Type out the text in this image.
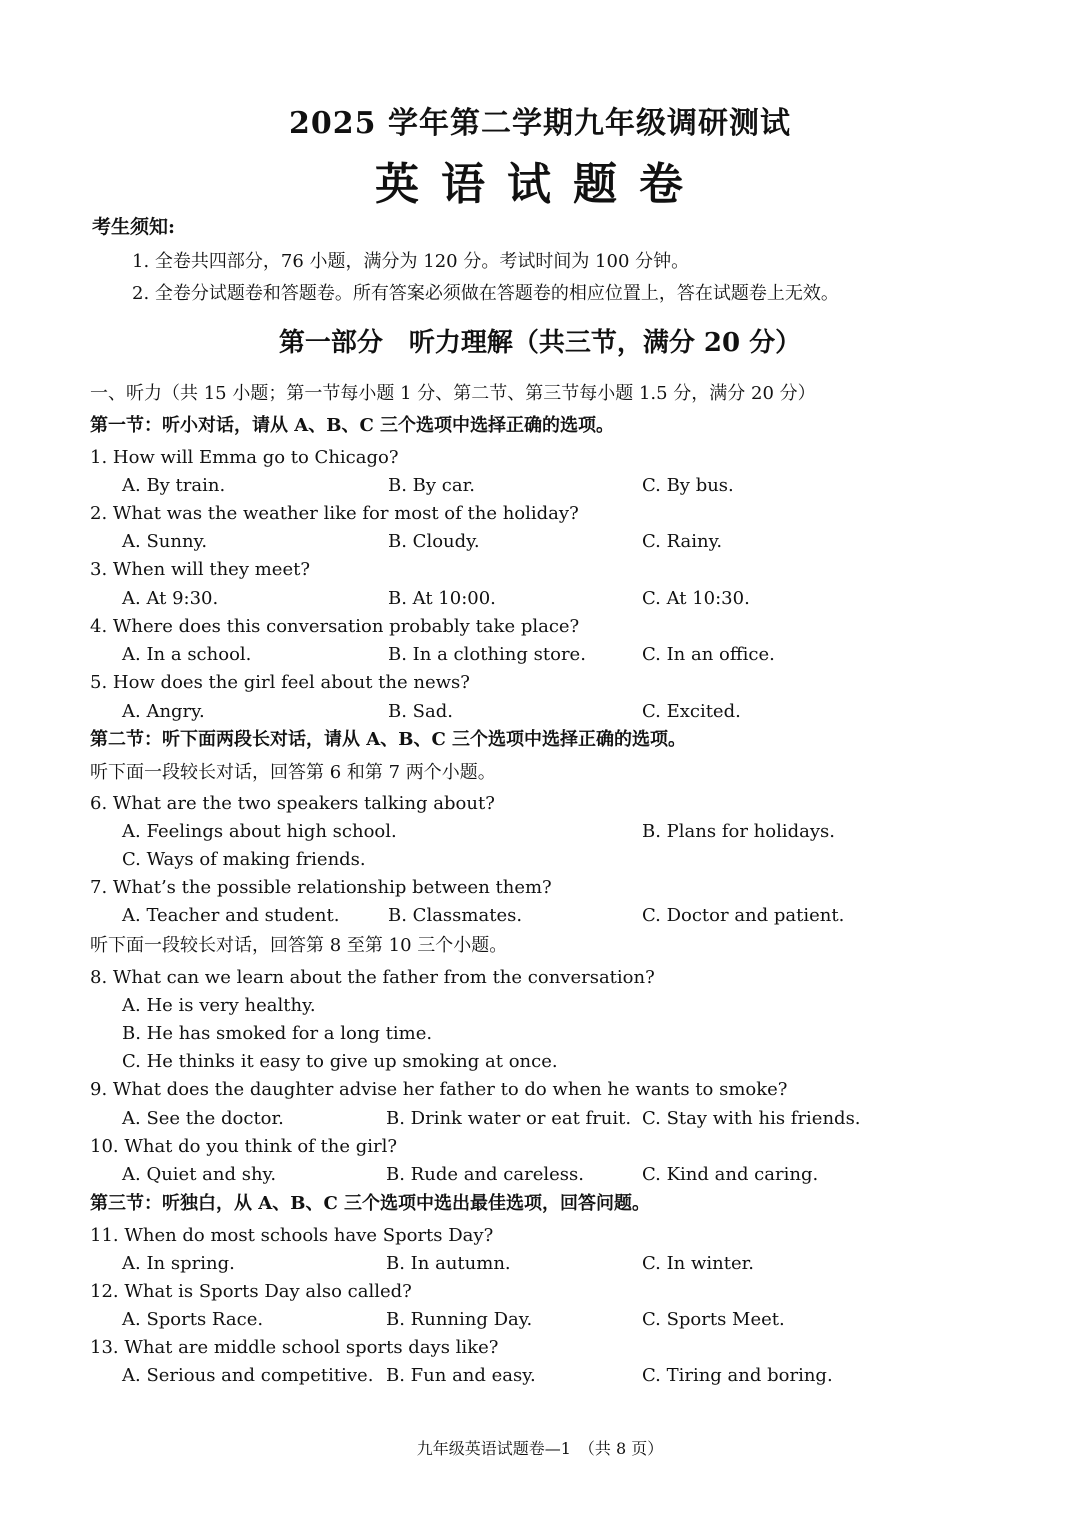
2025 学年第二学期九年级调研测试
英语试题卷
考生须知:
1. 全卷共四部分，76 小题，满分为 120 分。考试时间为 100 分钟。
2. 全卷分试题卷和答题卷。所有答案必须做在答题卷的相应位置上，答在试题卷上无效。
第一部分　听力理解（共三节，满分 20 分）
一、听力（共 15 小题；第一节每小题 1 分、第二节、第三节每小题 1.5 分，满分 20 分）
第一节：听小对话，请从 A、B、C 三个选项中选择正确的选项。
1. How will Emma go to Chicago?
A. By train.	B. By car.	C. By bus.
2. What was the weather like for most of the holiday?
A. Sunny.	B. Cloudy.	C. Rainy.
3. When will they meet?
A. At 9:30.	B. At 10:00.	C. At 10:30.
4. Where does this conversation probably take place?
A. In a school.	B. In a clothing store.	C. In an office.
5. How does the girl feel about the news?
A. Angry.	B. Sad.	C. Excited.
第二节：听下面两段长对话，请从 A、B、C 三个选项中选择正确的选项。
听下面一段较长对话，回答第 6 和第 7 两个小题。
6. What are the two speakers talking about?
A. Feelings about high school.	B. Plans for holidays.
C. Ways of making friends.
7. What’s the possible relationship between them?
A. Teacher and student.	B. Classmates.	C. Doctor and patient.
听下面一段较长对话，回答第 8 至第 10 三个小题。
8. What can we learn about the father from the conversation?
A. He is very healthy.
B. He has smoked for a long time.
C. He thinks it easy to give up smoking at once.
9. What does the daughter advise her father to do when he wants to smoke?
A. See the doctor.	B. Drink water or eat fruit. C. Stay with his friends.
10. What do you think of the girl?
A. Quiet and shy.	B. Rude and careless.	C. Kind and caring.
第三节：听独白，从 A、B、C 三个选项中选出最佳选项，回答问题。
11. When do most schools have Sports Day?
A. In spring.	B. In autumn.	C. In winter.
12. What is Sports Day also called?
A. Sports Race.	B. Running Day.	C. Sports Meet.
13. What are middle school sports days like?
A. Serious and competitive. B. Fun and easy.	C. Tiring and boring.
九年级英语试题卷—1　（共 8 页）
